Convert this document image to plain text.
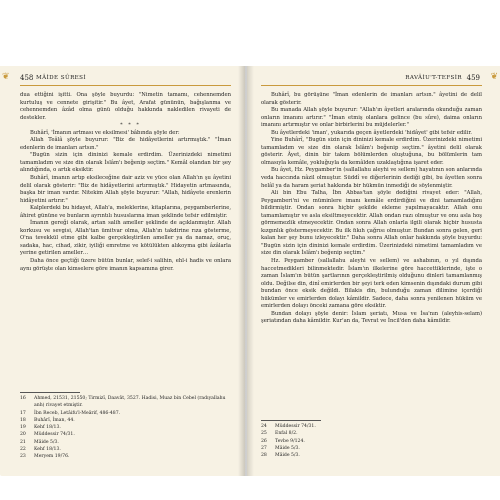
❦ 458 MÂİDE SÛRESİ

dua ettiğini işitti. Ona şöyle buyurdu: "Nimetin tamamı, cehennemden kurtuluş ve cennete girişitir." Bu âyet, Arafat gününün, bağışlanma ve cehennemden âzâd olma günü olduğu hakkında nakledilen rivayeti de destekler.

* * *

Buhârî, 'İmanın artması ve eksilmesi' bâbında şöyle der:

Allah Teâlâ şöyle buyurur: "Biz de hidâyetlerini artırmıştık." "İman edenlerin de imanları artsın."

"Bugün sizin için dininizi kemale erdirdim. Üzerinizdeki nimetimi tamamladım ve size din olarak İslâm'ı beğenip seçtim." Kemâl olandan bir şey alındığında, o artık eksiktir.

Buhârî, imanın artıp eksileceğine dair aziz ve yüce olan Allah'ın şu âyetini delil olarak gösterir: "Biz de hidâyetlerini artırmıştık." Hidayetin artmasında, başka bir iman vardır. Nitekim Allah şöyle buyurur: "Allah, hidâyete erenlerin hidâyetini artırır."

Kalplerdeki bu hidayet, Allah'a, meleklerine, kitaplarına, peygamberlerine, âhiret gününe ve bunların ayrıntılı hususlarına iman şeklinde tefsir edilmiştir.

İmanın gereği olarak, artan salih ameller şeklinde de açıklanmıştır. Allah korkusu ve sevgisi, Allah'tan ümitvar olma, Allah'ın takdirine rıza gösterme, O'na tevekkül etme gibi kalbe gerçekleştirilen ameller ya da namaz, oruç, sadaka, hac, cihad, zikir, iyiliği emretme ve kötülükten alıkoyma gibi âzâlarla yerine getirilen ameller…

Daha önce geçtiği üzere bütün bunlar, selef-i salihin, ehl-i hadis ve onlara aynı görüşte olan kimselere göre imanın kapsamına girer.

16	Ahmed, 21531, 21550; Tirmizî, Daavât, 3527. Hadisi, Muaz bin Cebel (radıyallahu anh) rivayet etmiştir.
17	İbn Receb, Letâifu'l-Meârif, 486-487.
18	Buhârî, İman, 44.
19	Kehf 18/13.
20	Müddessir 74/31.
21	Mâide 5/3.
22	Kehf 18/13.
23	Meryem 19/76.
❦
RAVÂİU'T-TEFSİR 459

Buhârî, bu görüşüne "İman edenlerin de imanları artsın." âyetini de delil olarak gösterir.

Bu manada Allah şöyle buyurur: "Allah'ın âyetleri aralarında okunduğu zaman onların imanını artırır." "İman etmiş olanlara gelince (bu sûre), daima onların imanını artırmıştır ve onlar birbirlerini bu müjdelerler."

Bu âyetlerdeki 'iman', yukarıda geçen âyetlerdeki 'hidâyet' gibi tefsir edilir.

Yine Buhârî, "Bugün sizin için dininizi kemale erdirdim. Üzerinizdeki nimetimi tamamladım ve size din olarak İslâm'ı beğenip seçtim." âyetini delil olarak gösterir. Âyet, dinin bir takım bölümlerden oluştuğuna, bu bölümlerin tam olmasıyla kemâle, yokluğuyla da kemâlden uzaklaştığına işaret eder.

Bu âyet, Hz. Peygamber'in (sallallahu aleyhi ve sellem) hayatının son anlarında veda haccında nâzil olmuştur. Süddî ve diğerlerinin dediği gibi, bu âyetten sonra helâl ya da haram şeriat hakkında bir hükmün inmediği de söylenmiştir.

Ali bin Ebu Talha, İbn Abbas'tan şöyle dediğini rivayet eder: "Allah, Peygamberi'ni ve müminlere imanı kemâle erdirdiğini ve dini tamamladığını bildirmiştir. Ondan sonra hiçbir şekilde ekleme yapılmayacaktır. Allah onu tamamlamıştır ve asla eksiltmeyecektir. Allah ondan razı olmuştur ve onu asla hoş görmemezlik etmeyecektir. Ondan sonra Allah onlarla ilgili olarak hiçbir hususta kızgınlık göstermeyecektir. Bu ilk fıkıh çağrısı olmuştur. Bundan sonra gelen, geri kalan her şey bunu izleyecektir." Daha sonra Allah onlar hakkında şöyle buyurdu: "Bugün sizin için dininizi kemale erdirdim. Üzerinizdeki nimetimi tamamladım ve size din olarak İslâm'ı beğenip seçtim."

Hz. Peygamber (sallallahu aleyhi ve sellem) ve ashabının, o yıl dışında haccetmedikleri bilinmektedir. İslam'ın ilkelerine göre haccettiklerinde, işte o zaman İslam'ın bütün şartlarının gerçekleştirilmiş olduğunu dinleri tamamlanmış oldu. Değilse din, dinî emirlerden bir şeyi terk eden kimsenin dışındaki durum gibi bundan önce eksik değildi. Bilakis din, bulunduğu zaman dilimine içerdiği hükümler ve emirlerden dolayı kâmildir. Sadece, daha sonra yenilenen hüküm ve emirlerden dolayı önceki zamana göre eksiktir.

Bundan dolayı şöyle denir: İslam şeriatı, Musa ve İsa'nın (aleyhis-selam) şeriatından daha kâmildir. Kur'an da, Tevrat ve İncil'den daha kâmildir.

24	Müddessir 74/31.
25	Enfal 8/2.
26	Tevbe 9/124.
27	Mâide 5/3.
28	Mâide 5/3.
